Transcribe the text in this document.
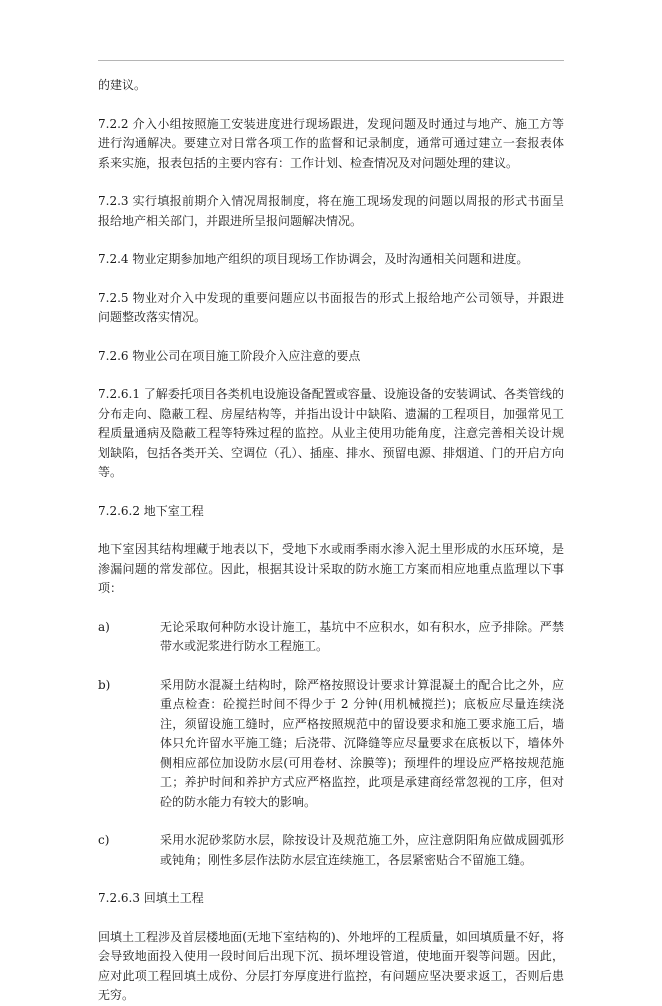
的建议。

7.2.2 介入小组按照施工安装进度进行现场跟进，发现问题及时通过与地产、施工方等进行沟通解决。要建立对日常各项工作的监督和记录制度，通常可通过建立一套报表体系来实施，报表包括的主要内容有：工作计划、检查情况及对问题处理的建议。

7.2.3 实行填报前期介入情况周报制度，将在施工现场发现的问题以周报的形式书面呈报给地产相关部门，并跟进所呈报问题解决情况。

7.2.4 物业定期参加地产组织的项目现场工作协调会，及时沟通相关问题和进度。

7.2.5 物业对介入中发现的重要问题应以书面报告的形式上报给地产公司领导，并跟进问题整改落实情况。

7.2.6 物业公司在项目施工阶段介入应注意的要点

7.2.6.1 了解委托项目各类机电设施设备配置或容量、设施设备的安装调试、各类管线的分布走向、隐蔽工程、房屋结构等，并指出设计中缺陷、遗漏的工程项目，加强常见工程质量通病及隐蔽工程等特殊过程的监控。从业主使用功能角度，注意完善相关设计规划缺陷，包括各类开关、空调位（孔）、插座、排水、预留电源、排烟道、门的开启方向等。

7.2.6.2 地下室工程

地下室因其结构埋藏于地表以下，受地下水或雨季雨水渗入泥土里形成的水压环境，是渗漏问题的常发部位。因此，根据其设计采取的防水施工方案而相应地重点监理以下事项：

a)	无论采取何种防水设计施工，基坑中不应积水，如有积水，应予排除。严禁带水或泥浆进行防水工程施工。

b)	采用防水混凝土结构时，除严格按照设计要求计算混凝土的配合比之外，应重点检查：砼搅拦时间不得少于 2 分钟(用机械搅拦)；底板应尽量连续浇注，须留设施工缝时，应严格按照规范中的留设要求和施工要求施工后，墙体只允许留水平施工缝；后浇带、沉降缝等应尽量要求在底板以下，墙体外侧相应部位加设防水层(可用卷材、涂膜等)；预埋件的埋设应严格按规范施工；养护时间和养护方式应严格监控，此项是承建商经常忽视的工序，但对砼的防水能力有较大的影响。

c)	采用水泥砂浆防水层，除按设计及规范施工外，应注意阴阳角应做成圆弧形或钝角；刚性多层作法防水层宜连续施工，各层紧密贴合不留施工缝。

7.2.6.3 回填土工程

回填土工程涉及首层楼地面(无地下室结构的)、外地坪的工程质量，如回填质量不好，将会导致地面投入使用一段时间后出现下沉、损坏埋设管道，使地面开裂等问题。因此，应对此项工程回填土成份、分层打夯厚度进行监控，有问题应坚决要求返工，否则后患无穷。
